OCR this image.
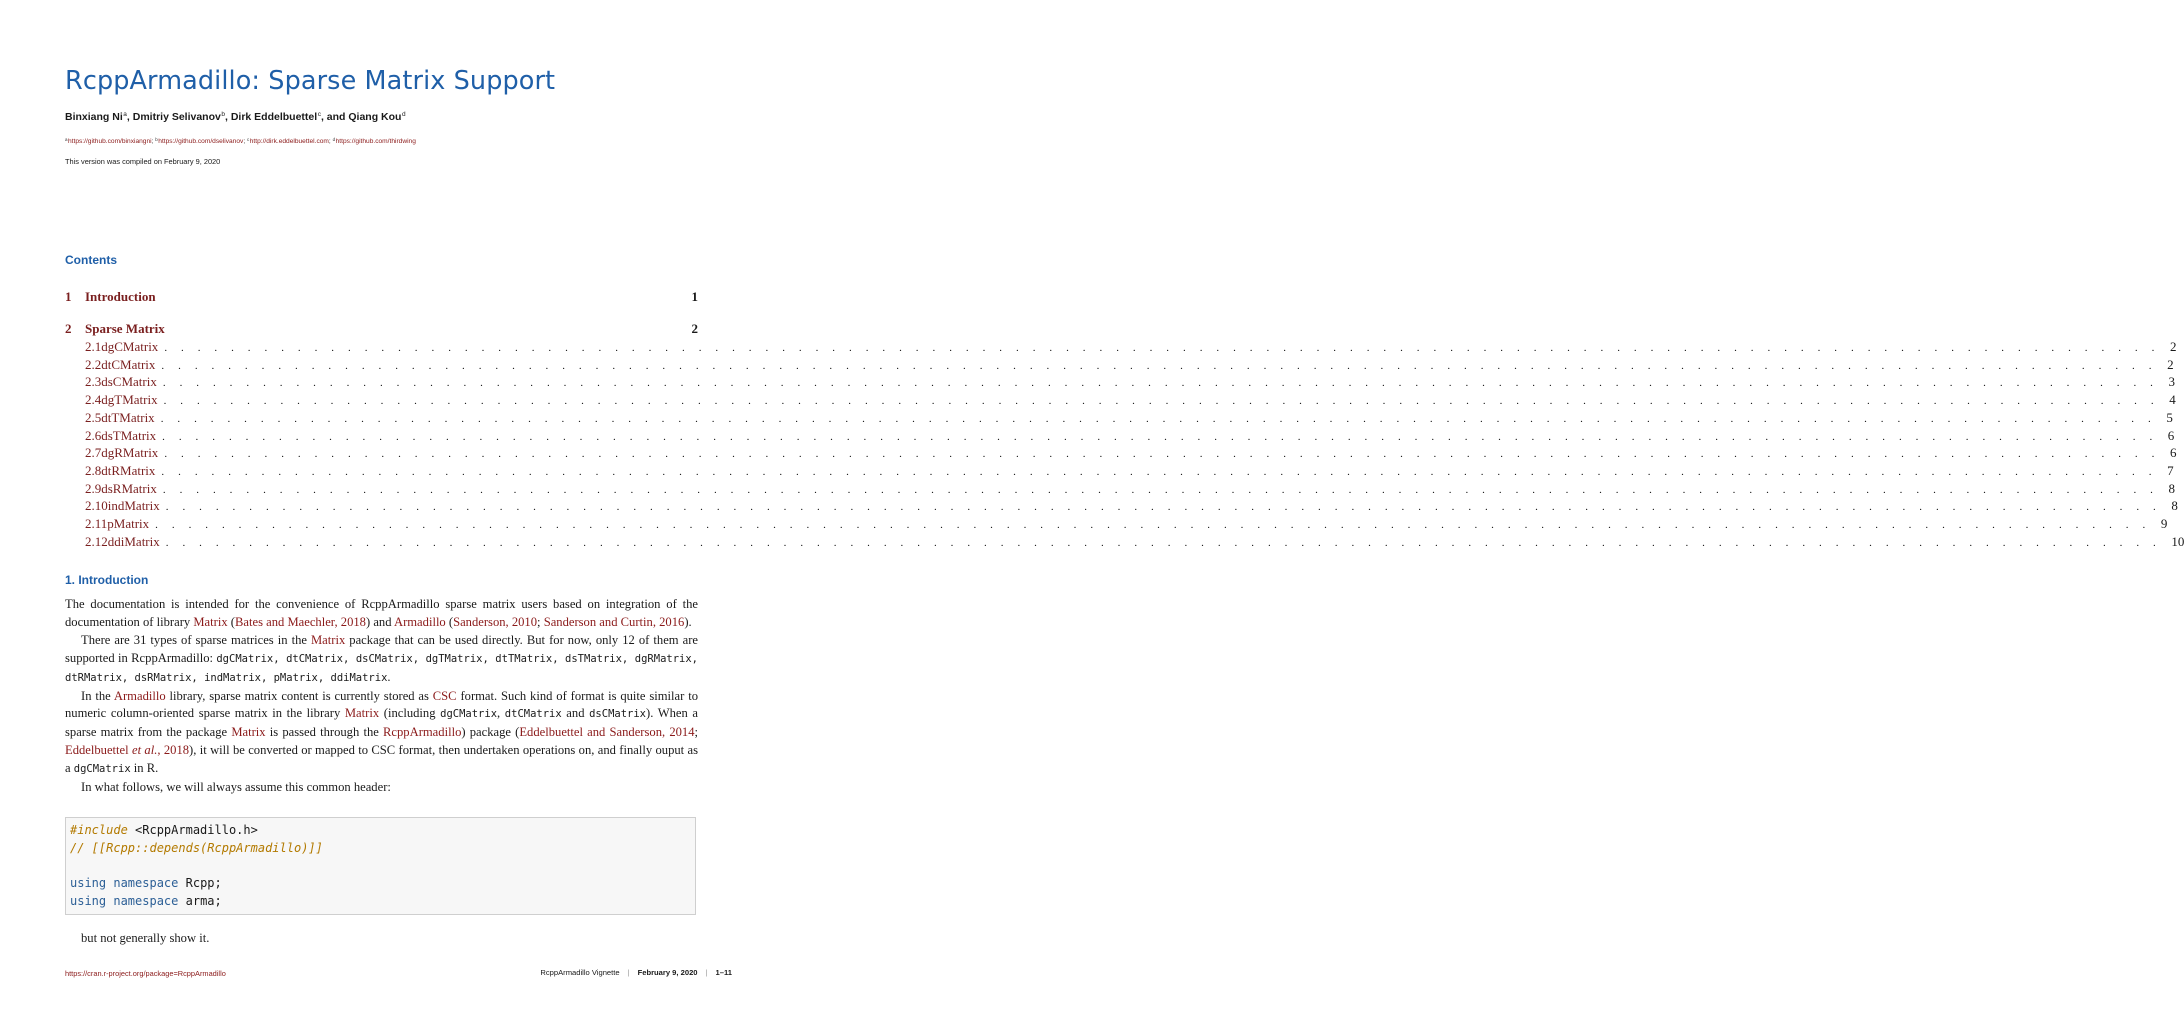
RcppArmadillo: Sparse Matrix Support
Binxiang Ni$^a$, Dmitriy Selivanov$^b$, Dirk Eddelbuettel$^c$, and Qiang Kou$^d$
$^a$https://github.com/binxiangni; $^b$https://github.com/dselivanov; $^c$http://dirk.eddelbuettel.com; $^d$https://github.com/thirdwing
This version was compiled on February 9, 2020
Contents
1	Introduction	1
2	Sparse Matrix	2
2.1 dgCMatrix . . . . . . . . . . . . . . . . . . . . . . . . . . . . . . . . . . . . . . . . . . . . . . . . . . . . . . . . . . . . . . . . . . . . . . . . . . . . . . . . . . . . . . . . . . . . . . . . . . . . . . . . . . . . . . . . . . . . . . . . 2
2.2 dtCMatrix . . . . . . . . . . . . . . . . . . . . . . . . . . . . . . . . . . . . . . . . . . . . . . . . . . . . . . . . . . . . . . . . . . . . . . . . . . . . . . . . . . . . . . . . . . . . . . . . . . . . . . . . . . . . . . . . . . . . . . . . 2
2.3 dsCMatrix . . . . . . . . . . . . . . . . . . . . . . . . . . . . . . . . . . . . . . . . . . . . . . . . . . . . . . . . . . . . . . . . . . . . . . . . . . . . . . . . . . . . . . . . . . . . . . . . . . . . . . . . . . . . . . . . . . . . . . . . 3
2.4 dgTMatrix . . . . . . . . . . . . . . . . . . . . . . . . . . . . . . . . . . . . . . . . . . . . . . . . . . . . . . . . . . . . . . . . . . . . . . . . . . . . . . . . . . . . . . . . . . . . . . . . . . . . . . . . . . . . . . . . . . . . . . . . 4
2.5 dtTMatrix . . . . . . . . . . . . . . . . . . . . . . . . . . . . . . . . . . . . . . . . . . . . . . . . . . . . . . . . . . . . . . . . . . . . . . . . . . . . . . . . . . . . . . . . . . . . . . . . . . . . . . . . . . . . . . . . . . . . . . . . 5
2.6 dsTMatrix . . . . . . . . . . . . . . . . . . . . . . . . . . . . . . . . . . . . . . . . . . . . . . . . . . . . . . . . . . . . . . . . . . . . . . . . . . . . . . . . . . . . . . . . . . . . . . . . . . . . . . . . . . . . . . . . . . . . . . . . 6
2.7 dgRMatrix . . . . . . . . . . . . . . . . . . . . . . . . . . . . . . . . . . . . . . . . . . . . . . . . . . . . . . . . . . . . . . . . . . . . . . . . . . . . . . . . . . . . . . . . . . . . . . . . . . . . . . . . . . . . . . . . . . . . . . . . 6
2.8 dtRMatrix . . . . . . . . . . . . . . . . . . . . . . . . . . . . . . . . . . . . . . . . . . . . . . . . . . . . . . . . . . . . . . . . . . . . . . . . . . . . . . . . . . . . . . . . . . . . . . . . . . . . . . . . . . . . . . . . . . . . . . . . 7
2.9 dsRMatrix . . . . . . . . . . . . . . . . . . . . . . . . . . . . . . . . . . . . . . . . . . . . . . . . . . . . . . . . . . . . . . . . . . . . . . . . . . . . . . . . . . . . . . . . . . . . . . . . . . . . . . . . . . . . . . . . . . . . . . . . 8
2.10 indMatrix . . . . . . . . . . . . . . . . . . . . . . . . . . . . . . . . . . . . . . . . . . . . . . . . . . . . . . . . . . . . . . . . . . . . . . . . . . . . . . . . . . . . . . . . . . . . . . . . . . . . . . . . . . . . . . . . . . . . . . . . 8
2.11 pMatrix . . . . . . . . . . . . . . . . . . . . . . . . . . . . . . . . . . . . . . . . . . . . . . . . . . . . . . . . . . . . . . . . . . . . . . . . . . . . . . . . . . . . . . . . . . . . . . . . . . . . . . . . . . . . . . . . . . . . . . . . 9
2.12 ddiMatrix . . . . . . . . . . . . . . . . . . . . . . . . . . . . . . . . . . . . . . . . . . . . . . . . . . . . . . . . . . . . . . . . . . . . . . . . . . . . . . . . . . . . . . . . . . . . . . . . . . . . . . . . . . . . . . . . . . . . . . . . 10
1. Introduction

The documentation is intended for the convenience of RcppArmadillo sparse matrix users based on integration of the documentation of library Matrix (Bates and Maechler, 2018) and Armadillo (Sanderson, 2010; Sanderson and Curtin, 2016).

There are 31 types of sparse matrices in the Matrix package that can be used directly. But for now, only 12 of them are supported in RcppArmadillo: dgCMatrix, dtCMatrix, dsCMatrix, dgTMatrix, dtTMatrix, dsTMatrix, dgRMatrix, dtRMatrix, dsRMatrix, indMatrix, pMatrix, ddiMatrix.

In the Armadillo library, sparse matrix content is currently stored as CSC format. Such kind of format is quite similar to numeric column-oriented sparse matrix in the library Matrix (including dgCMatrix, dtCMatrix and dsCMatrix). When a sparse matrix from the package Matrix is passed through the RcppArmadillo) package (Eddelbuettel and Sanderson, 2014; Eddelbuettel et al., 2018), it will be converted or mapped to CSC format, then undertaken operations on, and finally ouput as a dgCMatrix in R.

In what follows, we will always assume this common header:

#include <RcppArmadillo.h>
// [[Rcpp::depends(RcppArmadillo)]]

using namespace Rcpp;
using namespace arma;
but not generally show it.
https://cran.r-project.org/package=RcppArmadillo	RcppArmadillo Vignette | February 9, 2020 | 1–11
